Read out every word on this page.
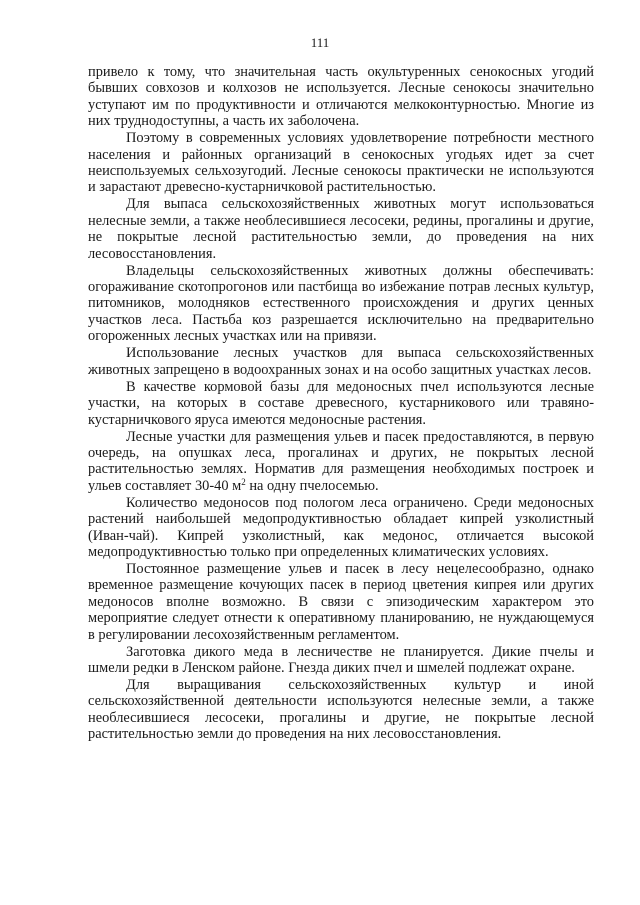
111

привело к тому, что значительная часть окультуренных сенокосных угодий бывших совхозов и колхозов не используется. Лесные сенокосы значительно уступают им по продуктивности и отличаются мелкоконтурностью. Многие из них труднодоступны, а часть их заболочена.

Поэтому в современных условиях удовлетворение потребности местного населения и районных организаций в сенокосных угодьях идет за счет неиспользуемых сельхозугодий. Лесные сенокосы практически не используются и зарастают древесно-кустарничковой растительностью.

Для выпаса сельскохозяйственных животных могут использоваться нелесные земли, а также необлесившиеся лесосеки, редины, прогалины и другие, не покрытые лесной растительностью земли, до проведения на них лесовосстановления.

Владельцы сельскохозяйственных животных должны обеспечивать: огораживание скотопрогонов или пастбища во избежание потрав лесных культур, питомников, молодняков естественного происхождения и других ценных участков леса. Пастьба коз разрешается исключительно на предварительно огороженных лесных участках или на привязи.

Использование лесных участков для выпаса сельскохозяйственных животных запрещено в водоохранных зонах и на особо защитных участках лесов.

В качестве кормовой базы для медоносных пчел используются лесные участки, на которых в составе древесного, кустарникового или травяно-кустарничкового яруса имеются медоносные растения.

Лесные участки для размещения ульев и пасек предоставляются, в первую очередь, на опушках леса, прогалинах и других, не покрытых лесной растительностью землях. Норматив для размещения необходимых построек и ульев составляет 30-40 $м^2$ на одну пчелосемью.

Количество медоносов под пологом леса ограничено. Среди медоносных растений наибольшей медопродуктивностью обладает кипрей узколистный (Иван-чай). Кипрей узколистный, как медонос, отличается высокой медопродуктивностью только при определенных климатических условиях.

Постоянное размещение ульев и пасек в лесу нецелесообразно, однако временное размещение кочующих пасек в период цветения кипрея или других медоносов вполне возможно. В связи с эпизодическим характером это мероприятие следует отнести к оперативному планированию, не нуждающемуся в регулировании лесохозяйственным регламентом.

Заготовка дикого меда в лесничестве не планируется. Дикие пчелы и шмели редки в Ленском районе. Гнезда диких пчел и шмелей подлежат охране.

Для выращивания сельскохозяйственных культур и иной сельскохозяйственной деятельности используются нелесные земли, а также необлесившиеся лесосеки, прогалины и другие, не покрытые лесной растительностью земли до проведения на них лесовосстановления.
